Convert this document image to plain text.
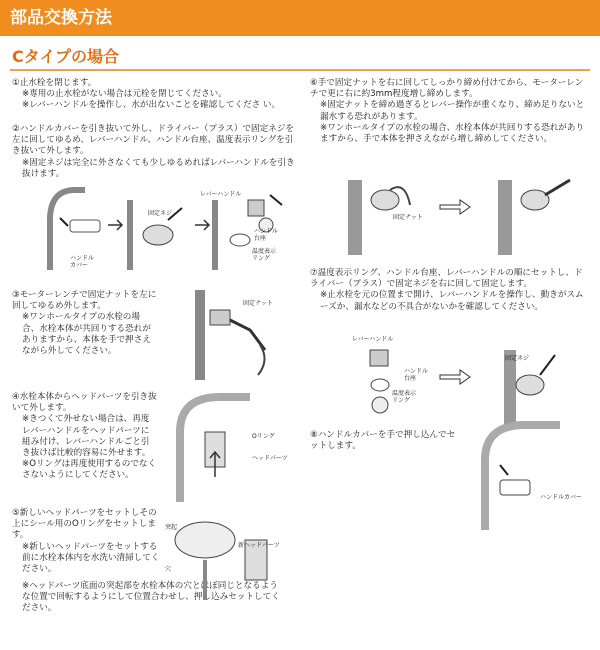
部品交換方法
Cタイプの場合
①止水栓を閉じます。
※専用の止水栓がない場合は元栓を閉じてください。
※レバーハンドルを操作し、水が出ないことを確認してくださ い。
②ハンドルカバーを引き抜いて外し、ドライバー（プラス）で固定ネジを左に回してゆるめ、レバーハンドル、ハンドル台座、温度表示リングを引き抜いて外します。
※固定ネジは完全に外さなくても少しゆるめればレバーハンドルを引き抜けます。
ハンドル カバー
固定ネジ
レバーハンドル
ハンドル 台座
温度表示 リング
③モーターレンチで固定ナットを左に回してゆるめ外します。
※ワンホールタイプの水栓の場合、水栓本体が共回りする恐れがありますから、本体を手で押さえながら外してください。
固定ナット
④水栓本体からヘッドパーツを引き抜いて外します。
※きつくて外せない場合は、再度レバーハンドルをヘッドパーツに組み付け、レバーハンドルごと引き抜けば比較的容易に外せます。
※Oリングは再度使用するのでなくさないようにしてください。
Oリング
ヘッドパーツ
⑤新しいヘッドパーツをセットしその上にシール用のOリングをセットします。
※新しいヘッドパーツをセットする前に水栓本体内を水洗い清掃してください。
※ヘッドパーツ底面の突起部を水栓本体の穴とほぼ同じとなるような位置で回転するようにして位置合わせし、押し込みセットしてください。
突起
穴
新ヘッドパーツ
⑥手で固定ナットを右に回してしっかり締め付けてから、モーターレンチで更に右に約3mm程度増し締めします。
※固定ナットを締め過ぎるとレバー操作が重くなり、締め足りないと漏水する恐れがあります。
※ワンホールタイプの水栓の場合、水栓本体が共回りする恐れがありますから、手で本体を押さえながら増し締めしてください。
固定ナット
⑦温度表示リング、ハンドル台座、レバーハンドルの順にセットし、ドライバー（プラス）で固定ネジを右に回して固定します。
※止水栓を元の位置まで開け、レバーハンドルを操作し、動きがスムーズか、漏水などの不具合がないかを確認してください。
レバーハンドル
ハンドル 台座
温度表示 リング
固定ネジ
⑧ハンドルカバーを手で押し込んでセットします。
ハンドルカバー
